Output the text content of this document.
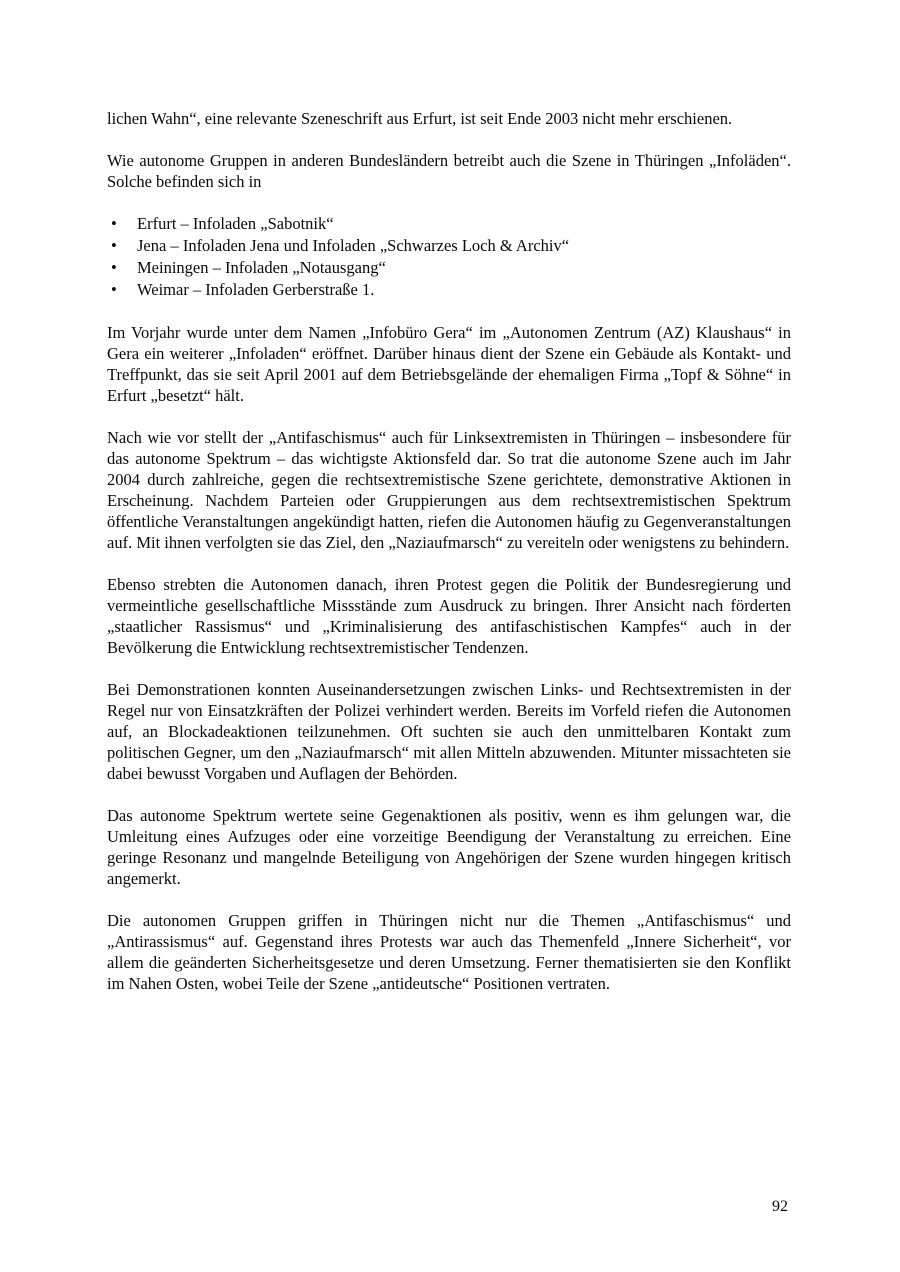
lichen Wahn“, eine relevante Szeneschrift aus Erfurt, ist seit Ende 2003 nicht mehr erschienen.

Wie autonome Gruppen in anderen Bundesländern betreibt auch die Szene in Thüringen „Infoläden“. Solche befinden sich in

• Erfurt – Infoladen „Sabotnik“
• Jena – Infoladen Jena und Infoladen „Schwarzes Loch & Archiv“
• Meiningen – Infoladen „Notausgang“
• Weimar – Infoladen Gerberstraße 1.

Im Vorjahr wurde unter dem Namen „Infobüro Gera“ im „Autonomen Zentrum (AZ) Klaushaus“ in Gera ein weiterer „Infoladen“ eröffnet. Darüber hinaus dient der Szene ein Gebäude als Kontakt- und Treffpunkt, das sie seit April 2001 auf dem Betriebsgelände der ehemaligen Firma „Topf & Söhne“ in Erfurt „besetzt“ hält.

Nach wie vor stellt der „Antifaschismus“ auch für Linksextremisten in Thüringen – insbesondere für das autonome Spektrum – das wichtigste Aktionsfeld dar. So trat die autonome Szene auch im Jahr 2004 durch zahlreiche, gegen die rechtsextremistische Szene gerichtete, demonstrative Aktionen in Erscheinung. Nachdem Parteien oder Gruppierungen aus dem rechtsextremistischen Spektrum öffentliche Veranstaltungen angekündigt hatten, riefen die Autonomen häufig zu Gegenveranstaltungen auf. Mit ihnen verfolgten sie das Ziel, den „Naziaufmarsch“ zu vereiteln oder wenigstens zu behindern.

Ebenso strebten die Autonomen danach, ihren Protest gegen die Politik der Bundesregierung und vermeintliche gesellschaftliche Missstände zum Ausdruck zu bringen. Ihrer Ansicht nach förderten „staatlicher Rassismus“ und „Kriminalisierung des antifaschistischen Kampfes“ auch in der Bevölkerung die Entwicklung rechtsextremistischer Tendenzen.

Bei Demonstrationen konnten Auseinandersetzungen zwischen Links- und Rechtsextremisten in der Regel nur von Einsatzkräften der Polizei verhindert werden. Bereits im Vorfeld riefen die Autonomen auf, an Blockadeaktionen teilzunehmen. Oft suchten sie auch den unmittelbaren Kontakt zum politischen Gegner, um den „Naziaufmarsch“ mit allen Mitteln abzuwenden. Mitunter missachteten sie dabei bewusst Vorgaben und Auflagen der Behörden.

Das autonome Spektrum wertete seine Gegenaktionen als positiv, wenn es ihm gelungen war, die Umleitung eines Aufzuges oder eine vorzeitige Beendigung der Veranstaltung zu erreichen. Eine geringe Resonanz und mangelnde Beteiligung von Angehörigen der Szene wurden hingegen kritisch angemerkt.

Die autonomen Gruppen griffen in Thüringen nicht nur die Themen „Antifaschismus“ und „Antirassismus“ auf. Gegenstand ihres Protests war auch das Themenfeld „Innere Sicherheit“, vor allem die geänderten Sicherheitsgesetze und deren Umsetzung. Ferner thematisierten sie den Konflikt im Nahen Osten, wobei Teile der Szene „antideutsche“ Positionen vertraten.

92
